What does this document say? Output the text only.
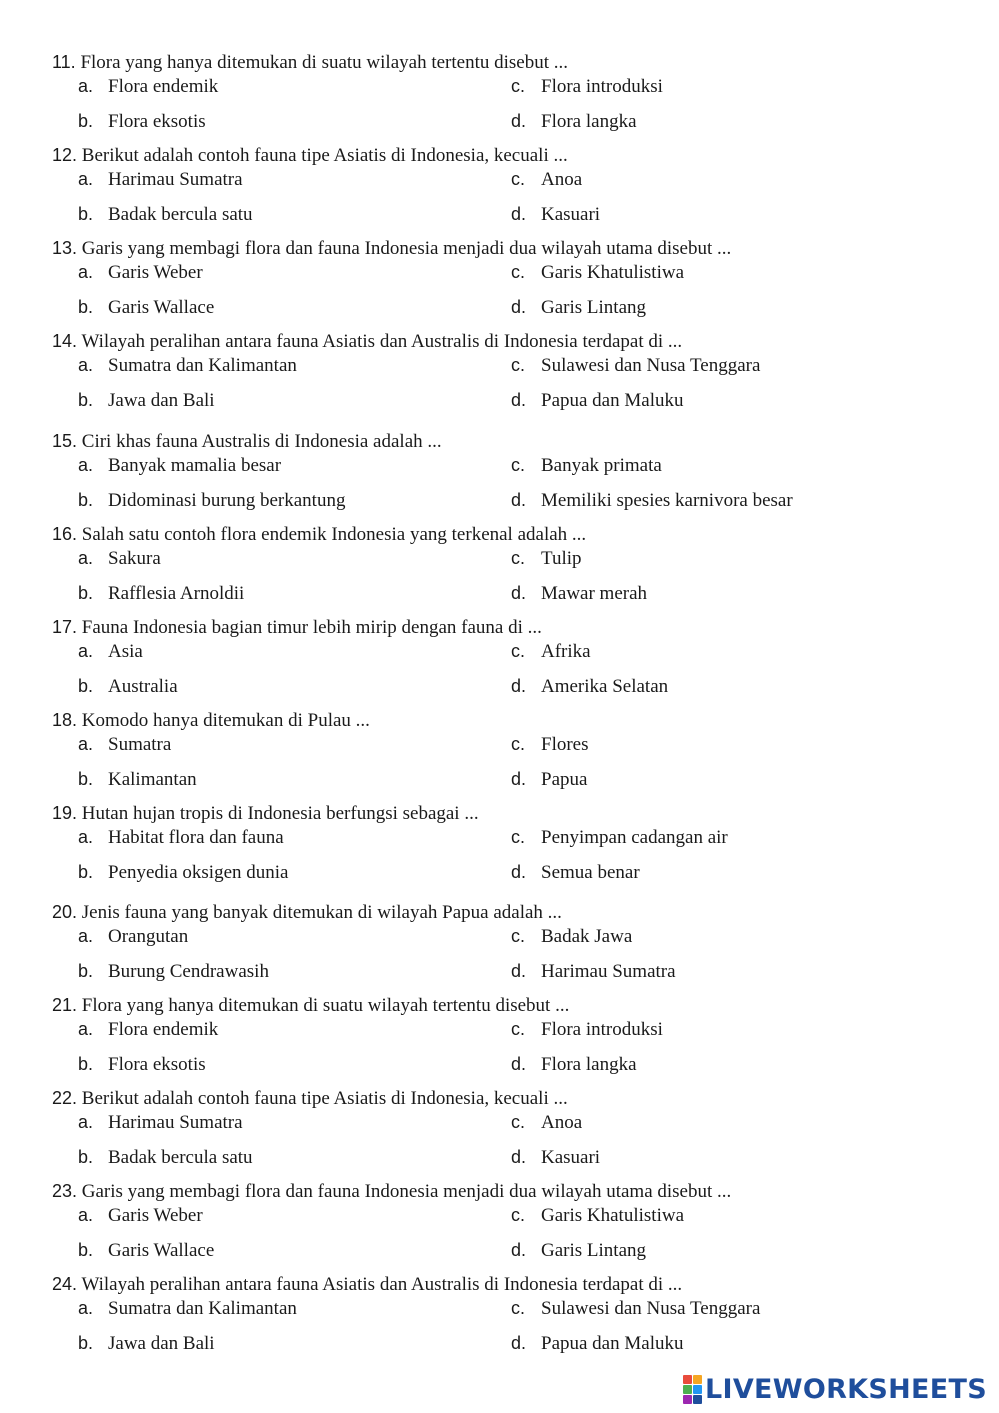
11. Flora yang hanya ditemukan di suatu wilayah tertentu disebut ...
a. Flora endemik	c. Flora introduksi
b. Flora eksotis	d. Flora langka
12. Berikut adalah contoh fauna tipe Asiatis di Indonesia, kecuali ...
a. Harimau Sumatra	c. Anoa
b. Badak bercula satu	d. Kasuari
13. Garis yang membagi flora dan fauna Indonesia menjadi dua wilayah utama disebut ...
a. Garis Weber	c. Garis Khatulistiwa
b. Garis Wallace	d. Garis Lintang
14. Wilayah peralihan antara fauna Asiatis dan Australis di Indonesia terdapat di ...
a. Sumatra dan Kalimantan	c. Sulawesi dan Nusa Tenggara
b. Jawa dan Bali	d. Papua dan Maluku
15. Ciri khas fauna Australis di Indonesia adalah ...
a. Banyak mamalia besar	c. Banyak primata
b. Didominasi burung berkantung	d. Memiliki spesies karnivora besar
16. Salah satu contoh flora endemik Indonesia yang terkenal adalah ...
a. Sakura	c. Tulip
b. Rafflesia Arnoldii	d. Mawar merah
17. Fauna Indonesia bagian timur lebih mirip dengan fauna di ...
a. Asia	c. Afrika
b. Australia	d. Amerika Selatan
18. Komodo hanya ditemukan di Pulau ...
a. Sumatra	c. Flores
b. Kalimantan	d. Papua
19. Hutan hujan tropis di Indonesia berfungsi sebagai ...
a. Habitat flora dan fauna	c. Penyimpan cadangan air
b. Penyedia oksigen dunia	d. Semua benar
20. Jenis fauna yang banyak ditemukan di wilayah Papua adalah ...
a. Orangutan	c. Badak Jawa
b. Burung Cendrawasih	d. Harimau Sumatra
21. Flora yang hanya ditemukan di suatu wilayah tertentu disebut ...
a. Flora endemik	c. Flora introduksi
b. Flora eksotis	d. Flora langka
22. Berikut adalah contoh fauna tipe Asiatis di Indonesia, kecuali ...
a. Harimau Sumatra	c. Anoa
b. Badak bercula satu	d. Kasuari
23. Garis yang membagi flora dan fauna Indonesia menjadi dua wilayah utama disebut ...
a. Garis Weber	c. Garis Khatulistiwa
b. Garis Wallace	d. Garis Lintang
24. Wilayah peralihan antara fauna Asiatis dan Australis di Indonesia terdapat di ...
a. Sumatra dan Kalimantan	c. Sulawesi dan Nusa Tenggara
b. Jawa dan Bali	d. Papua dan Maluku
LIVEWORKSHEETS
